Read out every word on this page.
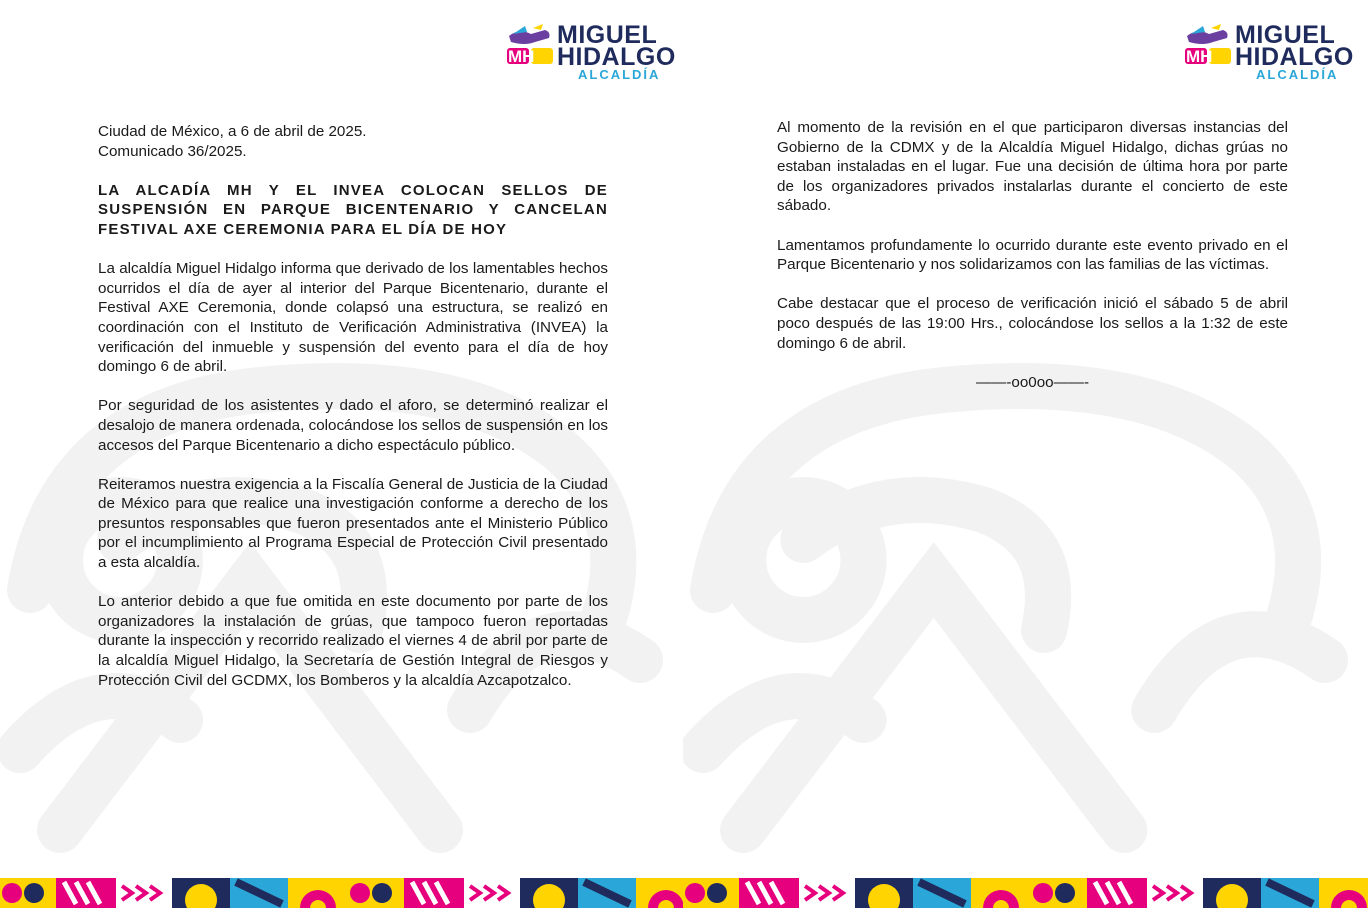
MIGUEL
HIDALGO
ALCALDÍA

Ciudad de México, a 6 de abril de 2025.

Comunicado 36/2025.

LA ALCADÍA MH Y EL INVEA COLOCAN SELLOS DE SUSPENSIÓN EN PARQUE BICENTENARIO Y CANCELAN FESTIVAL AXE CEREMONIA PARA EL DÍA DE HOY

La alcaldía Miguel Hidalgo informa que derivado de los lamentables hechos ocurridos el día de ayer al interior del Parque Bicentenario, durante el Festival AXE Ceremonia, donde colapsó una estructura, se realizó en coordinación con el Instituto de Verificación Administrativa (INVEA) la verificación del inmueble y suspensión del evento para el día de hoy domingo 6 de abril.

Por seguridad de los asistentes y dado el aforo, se determinó realizar el desalojo de manera ordenada, colocándose los sellos de suspensión en los accesos del Parque Bicentenario a dicho espectáculo público.

Reiteramos nuestra exigencia a la Fiscalía General de Justicia de la Ciudad de México para que realice una investigación conforme a derecho de los presuntos responsables que fueron presentados ante el Ministerio Público por el incumplimiento al Programa Especial de Protección Civil presentado a esta alcaldía.

Lo anterior debido a que fue omitida en este documento por parte de los organizadores la instalación de grúas, que tampoco fueron reportadas durante la inspección y recorrido realizado el viernes 4 de abril por parte de la alcaldía Miguel Hidalgo, la Secretaría de Gestión Integral de Riesgos y Protección Civil del GCDMX, los Bomberos y la alcaldía Azcapotzalco.

MIGUEL
HIDALGO
ALCALDÍA

Al momento de la revisión en el que participaron diversas instancias del Gobierno de la CDMX y de la Alcaldía Miguel Hidalgo, dichas grúas no estaban instaladas en el lugar. Fue una decisión de última hora por parte de los organizadores privados instalarlas durante el concierto de este sábado.

Lamentamos profundamente lo ocurrido durante este evento privado en el Parque Bicentenario y nos solidarizamos con las familias de las víctimas.

Cabe destacar que el proceso de verificación inició el sábado 5 de abril poco después de las 19:00 Hrs., colocándose los sellos a la 1:32 de este domingo 6 de abril.

——-oo0oo——-
